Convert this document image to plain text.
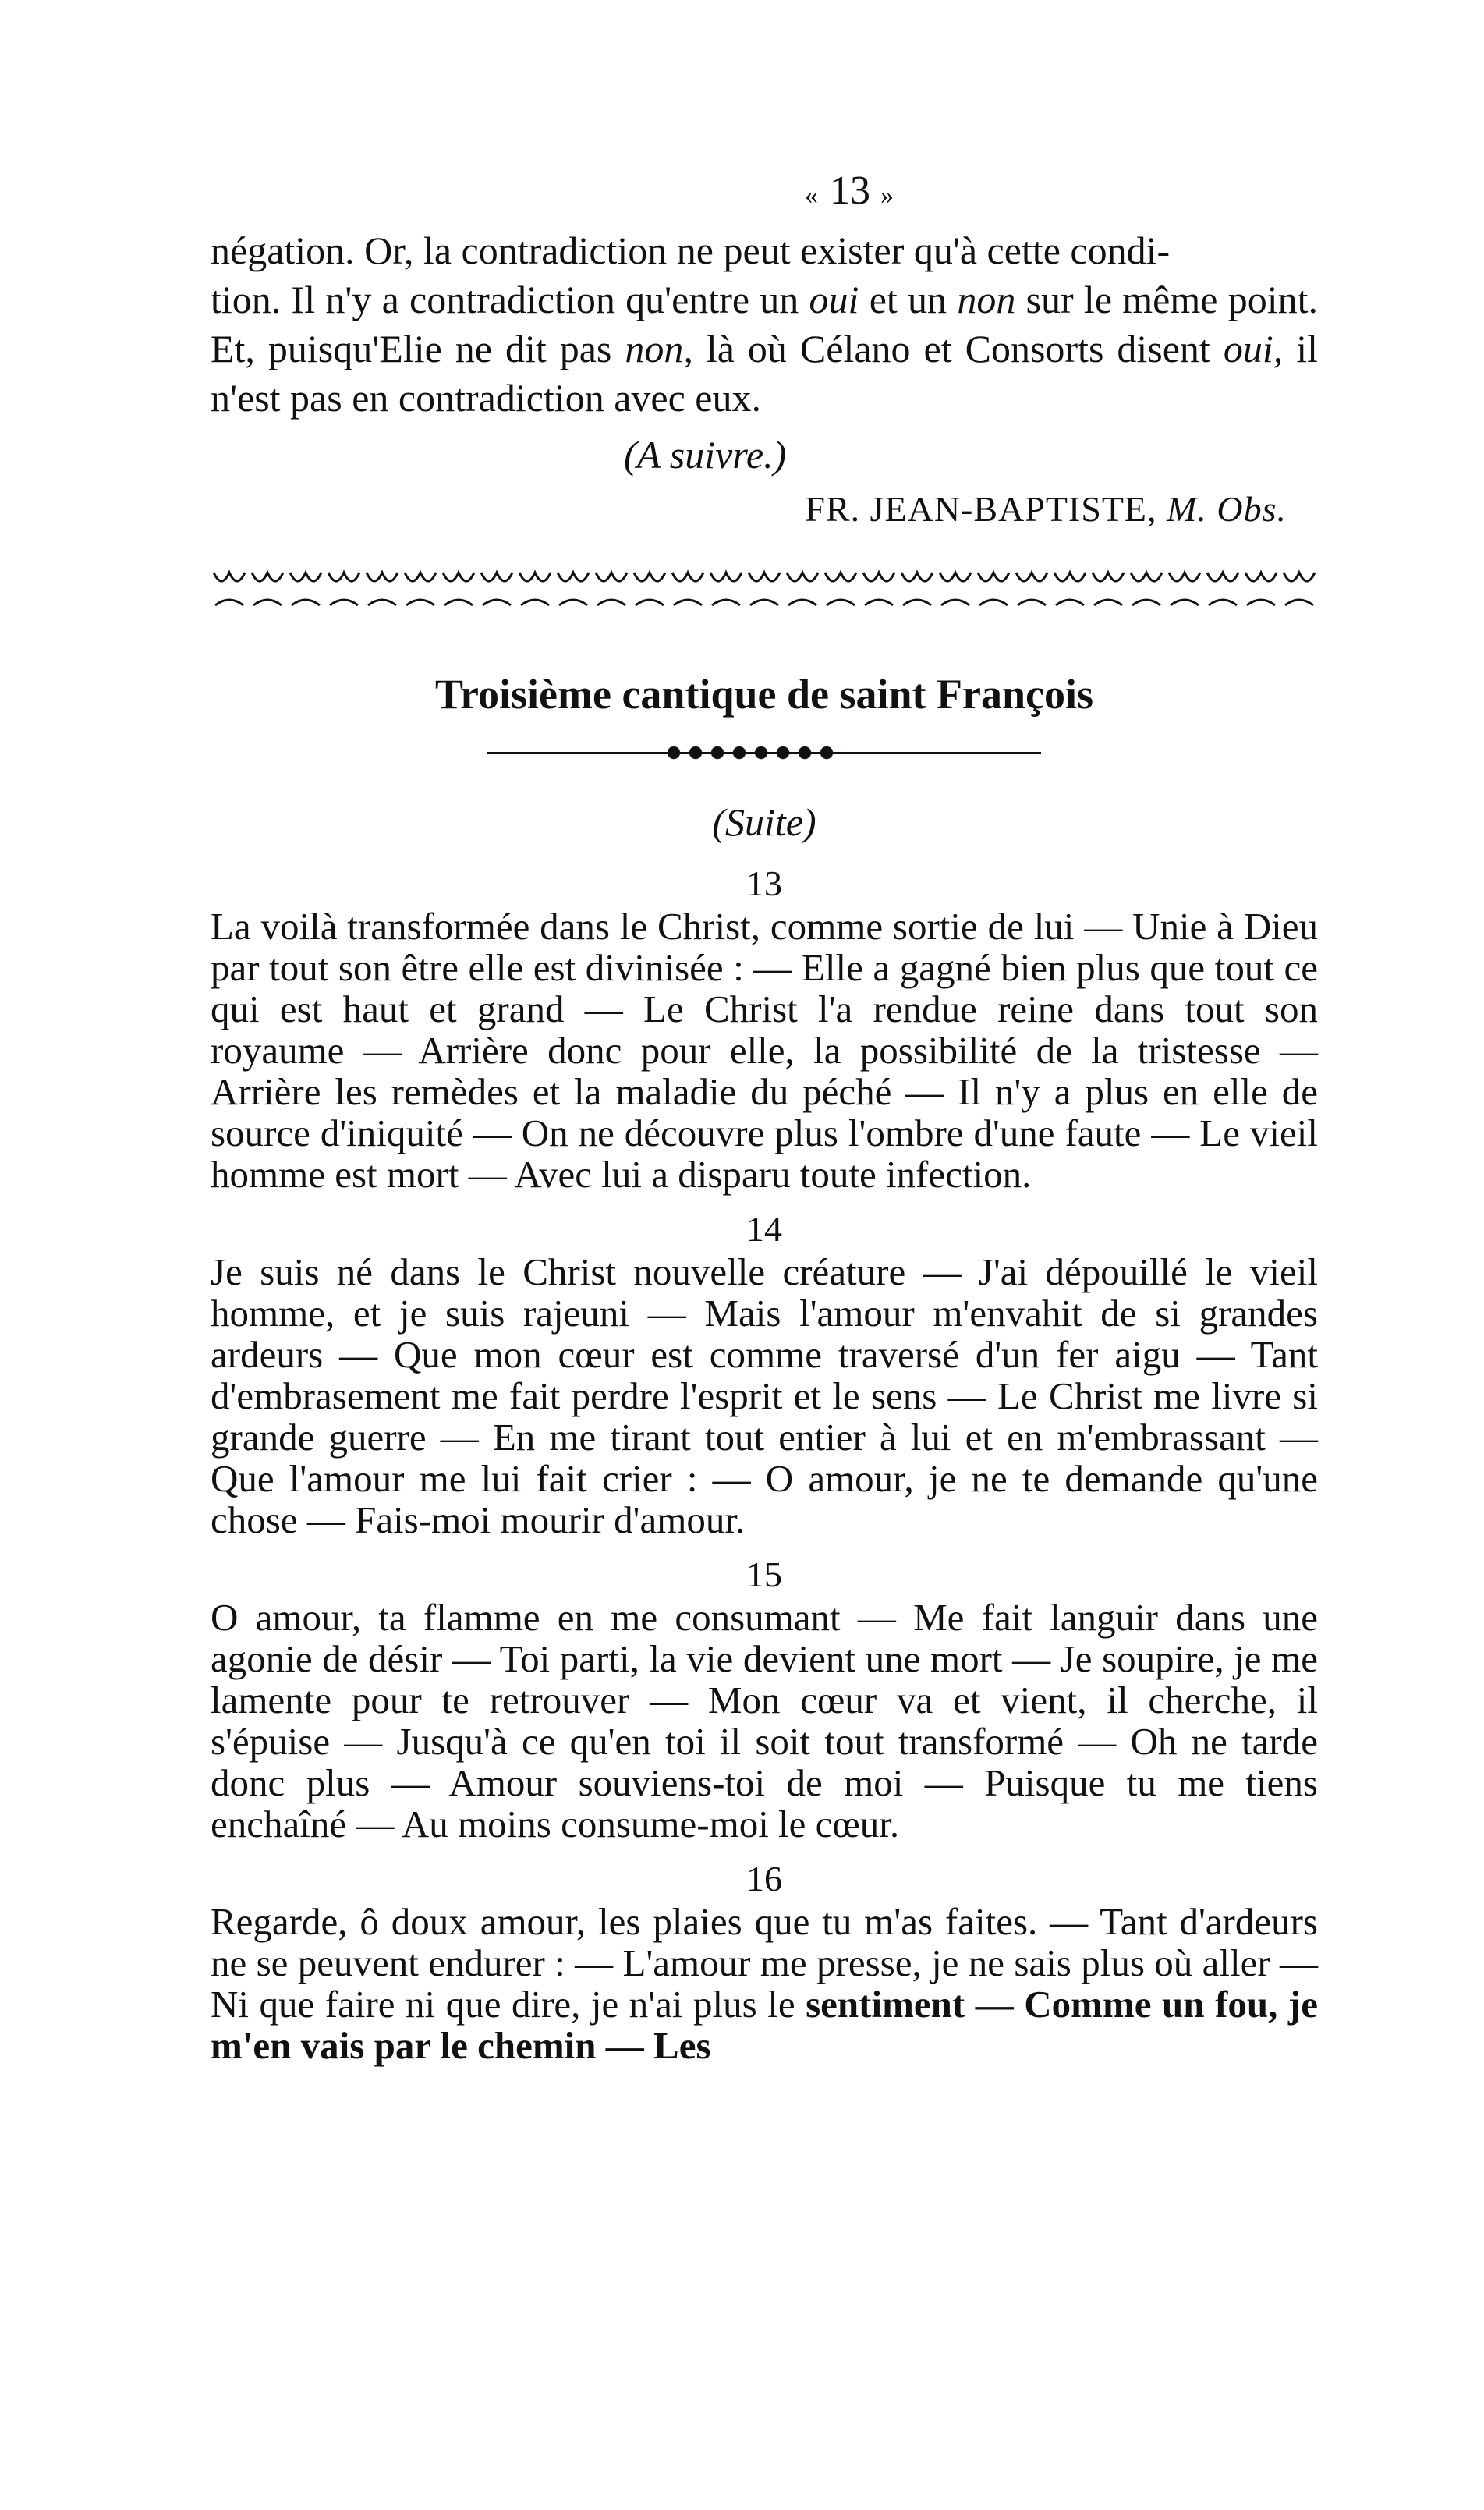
« 13 »

négation. Or, la contradiction ne peut exister qu'à cette condi-
tion. Il n'y a contradiction qu'entre un oui et un non sur le même point. Et, puisqu'Elie ne dit pas non, là où Célano et Consorts disent oui, il n'est pas en contradiction avec eux.

(A suivre.)
FR. JEAN-BAPTISTE, M. Obs.
Troisième cantique de saint François
(Suite)
13

La voilà transformée dans le Christ, comme sortie de lui — Unie à Dieu par tout son être elle est divinisée : — Elle a gagné bien plus que tout ce qui est haut et grand — Le Christ l'a rendue reine dans tout son royaume — Arrière donc pour elle, la possibilité de la tristesse — Arrière les remèdes et la maladie du péché — Il n'y a plus en elle de source d'iniquité — On ne découvre plus l'ombre d'une faute — Le vieil homme est mort — Avec lui a disparu toute infection.

14

Je suis né dans le Christ nouvelle créature — J'ai dépouillé le vieil homme, et je suis rajeuni — Mais l'amour m'envahit de si grandes ardeurs — Que mon cœur est comme traversé d'un fer aigu — Tant d'embrasement me fait perdre l'esprit et le sens — Le Christ me livre si grande guerre — En me tirant tout entier à lui et en m'embrassant — Que l'amour me lui fait crier : — O amour, je ne te demande qu'une chose — Fais-moi mourir d'amour.

15

O amour, ta flamme en me consumant — Me fait languir dans une agonie de désir — Toi parti, la vie devient une mort — Je soupire, je me lamente pour te retrouver — Mon cœur va et vient, il cherche, il s'épuise — Jusqu'à ce qu'en toi il soit tout transformé — Oh ne tarde donc plus — Amour souviens-toi de moi — Puisque tu me tiens enchaîné — Au moins consume-moi le cœur.

16

Regarde, ô doux amour, les plaies que tu m'as faites. — Tant d'ardeurs ne se peuvent endurer : — L'amour me presse, je ne sais plus où aller — Ni que faire ni que dire, je n'ai plus le sentiment — Comme un fou, je m'en vais par le chemin — Les
